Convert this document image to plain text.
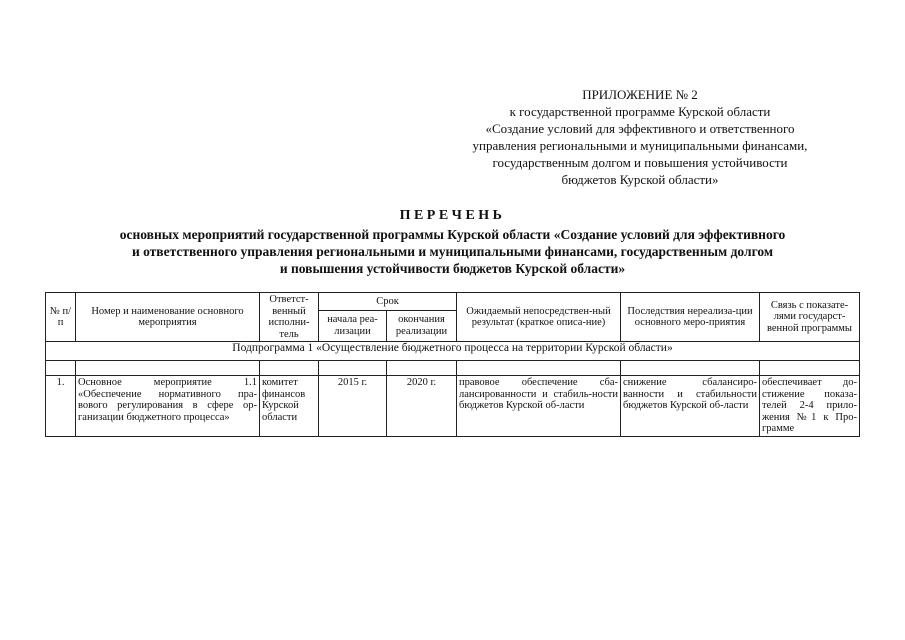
ПРИЛОЖЕНИЕ № 2
к государственной программе Курской области
«Создание условий для эффективного и ответственного
управления региональными и муниципальными финансами,
государственным долгом и повышения устойчивости
бюджетов Курской области»
ПЕРЕЧЕНЬ
основных мероприятий государственной программы Курской области «Создание условий для эффективного
и ответственного управления региональными и муниципальными финансами, государственным долгом
и повышения устойчивости бюджетов Курской области»
№ п/п	Номер и наименование основного мероприятия	Ответст-венный исполни-тель	Срок		Ожидаемый непосредствен-ный результат (краткое описа-ние)	Последствия нереализа-ции основного меро-приятия	Связь с показате-лями государст-венной программы
			начала реа-лизации	окончания реализации			
Подпрограмма 1 «Осуществление бюджетного процесса на территории Курской области»							

1.	Основное мероприятие 1.1 «Обеспечение нормативного пра-вового регулирования в сфере ор-ганизации бюджетного процесса»	комитет финансов Курской области	2015 г.	2020 г.	правовое обеспечение сба-лансированности и стабиль-ности бюджетов Курской об-ласти	снижение сбалансиро-ванности и стабильности бюджетов Курской об-ласти	обеспечивает до-стижение показа-телей 2-4 прило-жения №1 к Про-грамме
